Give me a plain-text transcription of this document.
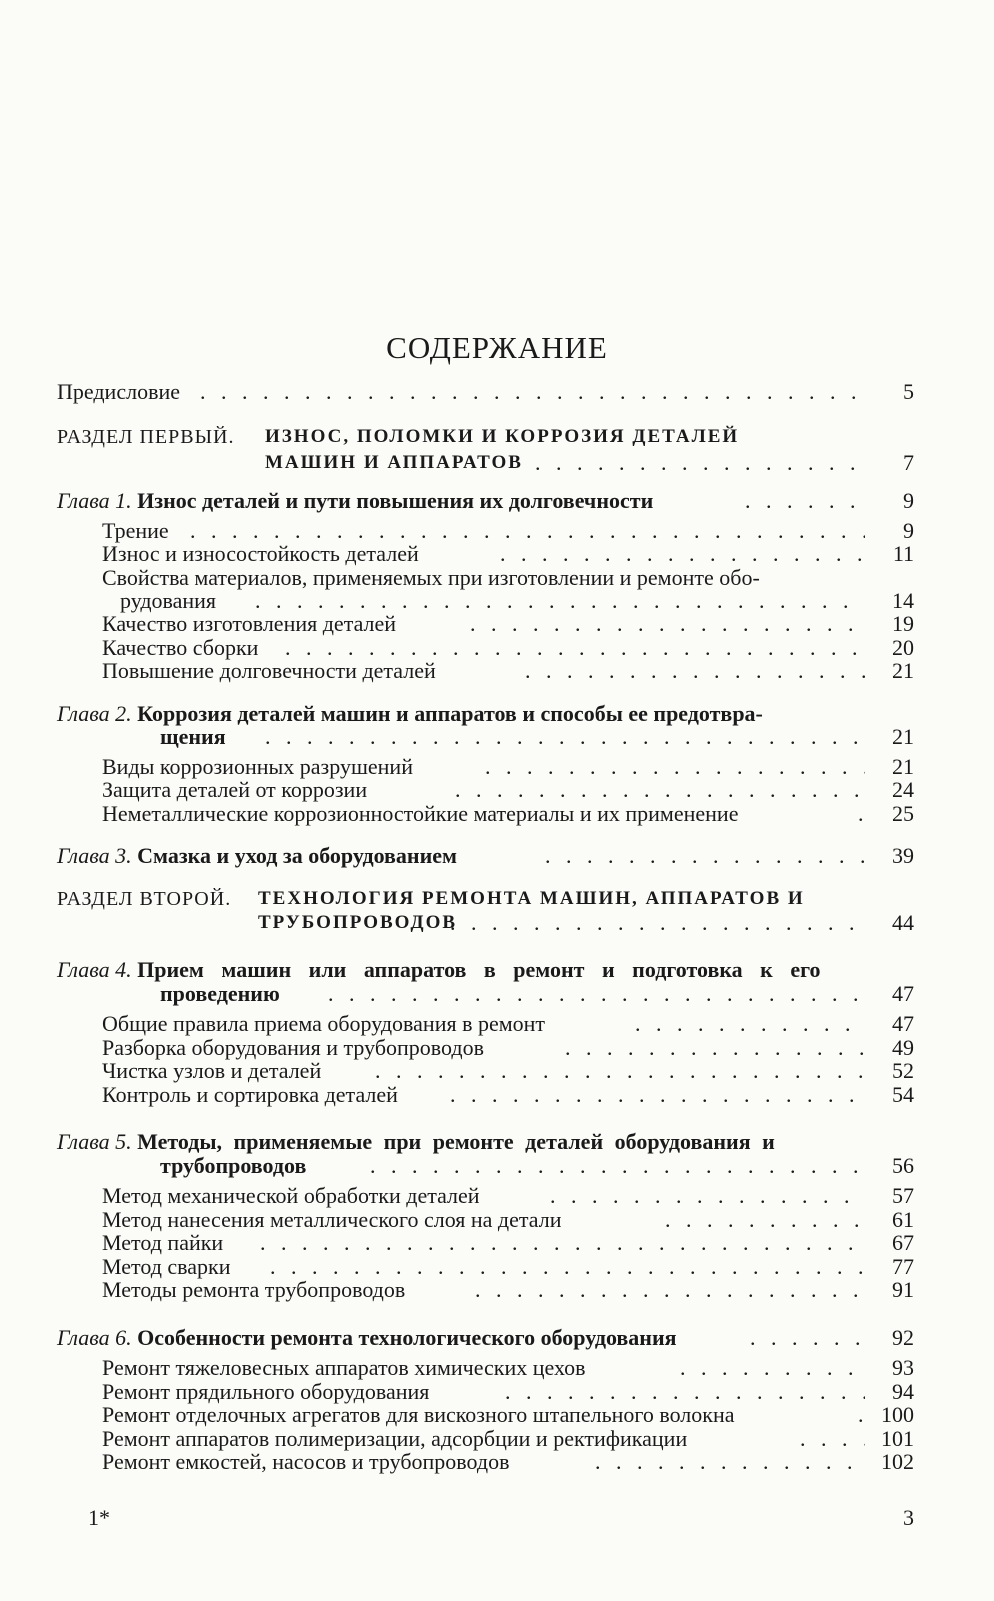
СОДЕРЖАНИЕ
Предисловие . . .	5
РАЗДЕЛ ПЕРВЫЙ. ИЗНОС, ПОЛОМКИ И КОРРОЗИЯ ДЕТАЛЕЙ
МАШИН И АППАРАТОВ . . .	7
Глава 1. Износ деталей и пути повышения их долговечности . . .	9
Трение . . .	9
Износ и износостойкость деталей . . .	11
Свойства материалов, применяемых при изготовлении и ремонте обо-
рудования . . .	14
Качество изготовления деталей . . .	19
Качество сборки . . .	20
Повышение долговечности деталей . . .	21
Глава 2. Коррозия деталей машин и аппаратов и способы ее предотвра-
щения . . .	21
Виды коррозионных разрушений . . .	21
Защита деталей от коррозии . . .	24
Неметаллические коррозионностойкие материалы и их применение . . .	25
Глава 3. Смазка и уход за оборудованием . . .	39
РАЗДЕЛ ВТОРОЙ. ТЕХНОЛОГИЯ РЕМОНТА МАШИН, АППАРАТОВ И
ТРУБОПРОВОДОВ . . .	44
Глава 4. Прием машин или аппаратов в ремонт и подготовка к его
проведению . . .	47
Общие правила приема оборудования в ремонт . . .	47
Разборка оборудования и трубопроводов . . .	49
Чистка узлов и деталей . . .	52
Контроль и сортировка деталей . . .	54
Глава 5. Методы, применяемые при ремонте деталей оборудования и
трубопроводов . . .	56
Метод механической обработки деталей . . .	57
Метод нанесения металлического слоя на детали . . .	61
Метод пайки . . .	67
Метод сварки . . .	77
Методы ремонта трубопроводов . . .	91
Глава 6. Особенности ремонта технологического оборудования . . .	92
Ремонт тяжеловесных аппаратов химических цехов . . .	93
Ремонт прядильного оборудования . . .	94
Ремонт отделочных агрегатов для вискозного штапельного волокна . . .	100
Ремонт аппаратов полимеризации, адсорбции и ректификации . . .	101
Ремонт емкостей, насосов и трубопроводов . . .	102
1*	3
